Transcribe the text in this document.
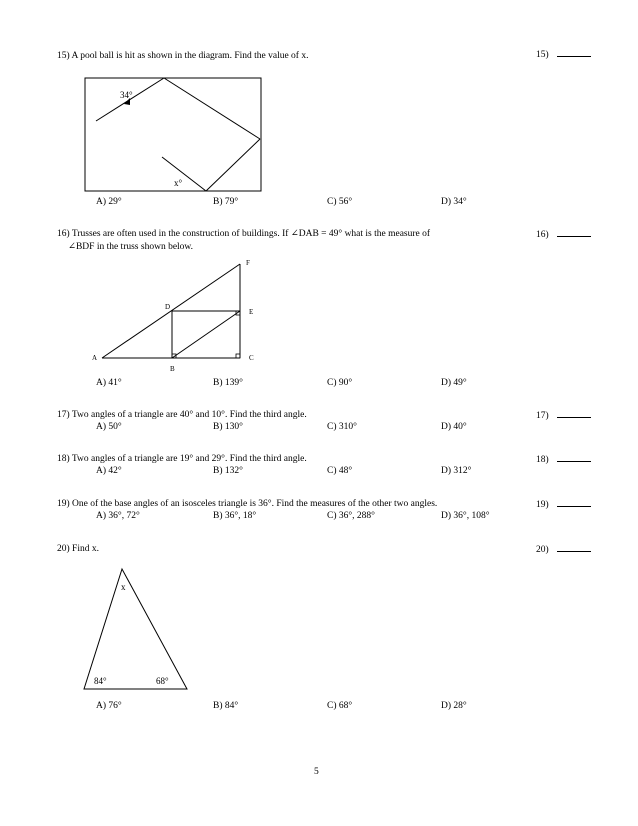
15) A pool ball is hit as shown in the diagram. Find the value of x.	15)
34°
x°
A) 29°	B) 79°	C) 56°	D) 34°
16) Trusses are often used in the construction of buildings. If ∠DAB = 49° what is the measure of
∠BDF in the truss shown below.
16)
A
B
C
D
E
F
A) 41°	B) 139°	C) 90°	D) 49°
17) Two angles of a triangle are 40° and 10°. Find the third angle.	17)
A) 50°	B) 130°	C) 310°	D) 40°
18) Two angles of a triangle are 19° and 29°. Find the third angle.	18)
A) 42°	B) 132°	C) 48°	D) 312°
19) One of the base angles of an isosceles triangle is 36°. Find the measures of the other two angles.	19)
A) 36°, 72°	B) 36°, 18°	C) 36°, 288°	D) 36°, 108°
20) Find x.	20)
x
84°	68°
A) 76°	B) 84°	C) 68°	D) 28°
5
